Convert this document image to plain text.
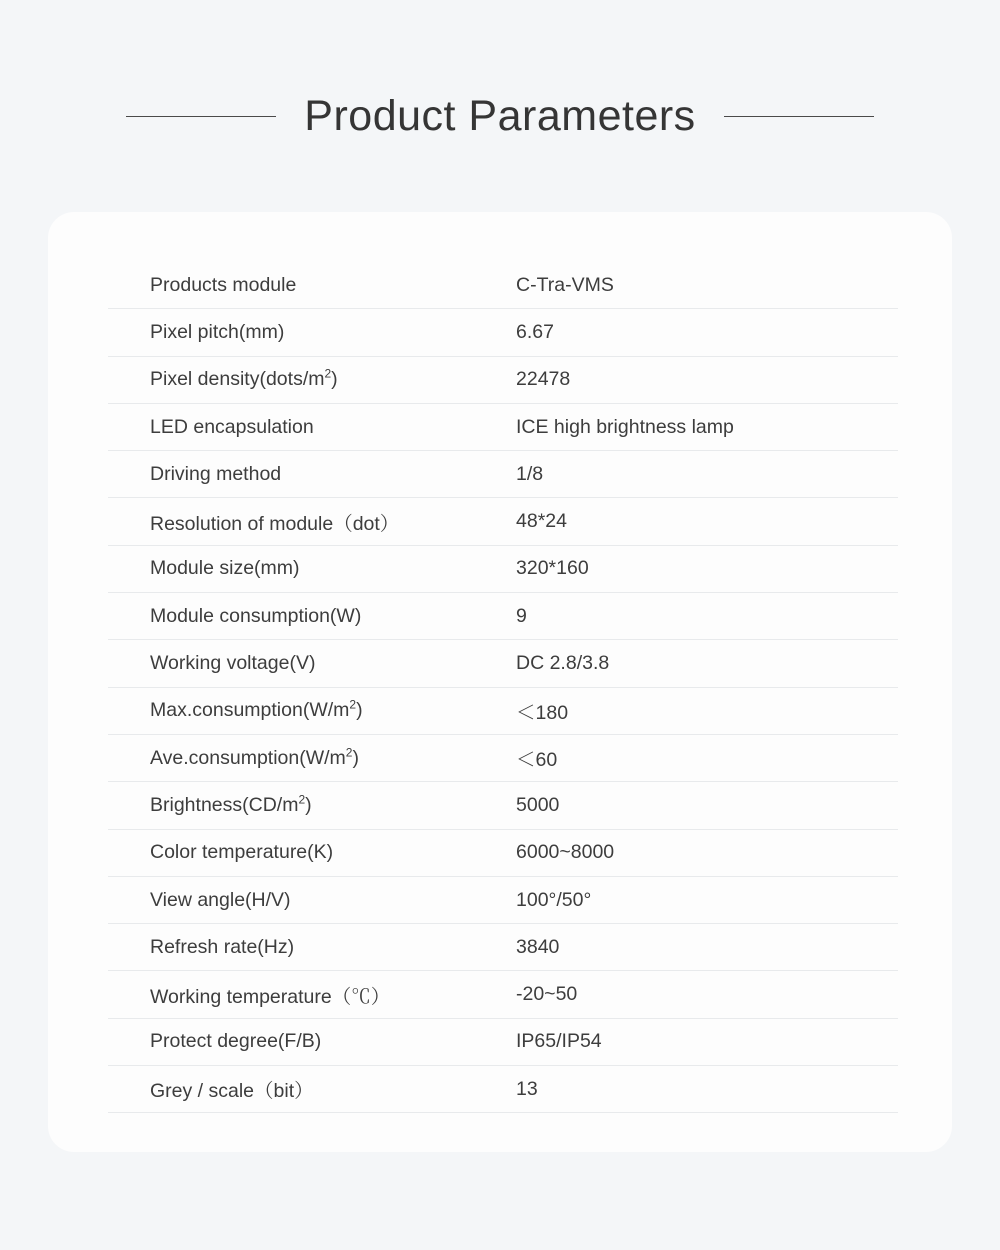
Product Parameters
Products module	C-Tra-VMS
Pixel pitch(mm)	6.67
Pixel $density(dots/m^2)$	22478
LED encapsulation	ICE high brightness lamp
Driving method	1/8
Resolution of module（dot）	48*24
Module size(mm)	320*160
Module consumption(W)	9
Working voltage(V)	DC 2.8/3.8
$Max.consumption(W/m^2)$	＜180
$Ave.consumption(W/m^2)$	＜60
$Brightness(CD/m^2)$	5000
Color temperature(K)	6000~8000
View angle(H/V)	100°/50°
Refresh rate(Hz)	3840
Working temperature（℃）	-20~50
Protect degree(F/B)	IP65/IP54
Grey / scale（bit）	13
